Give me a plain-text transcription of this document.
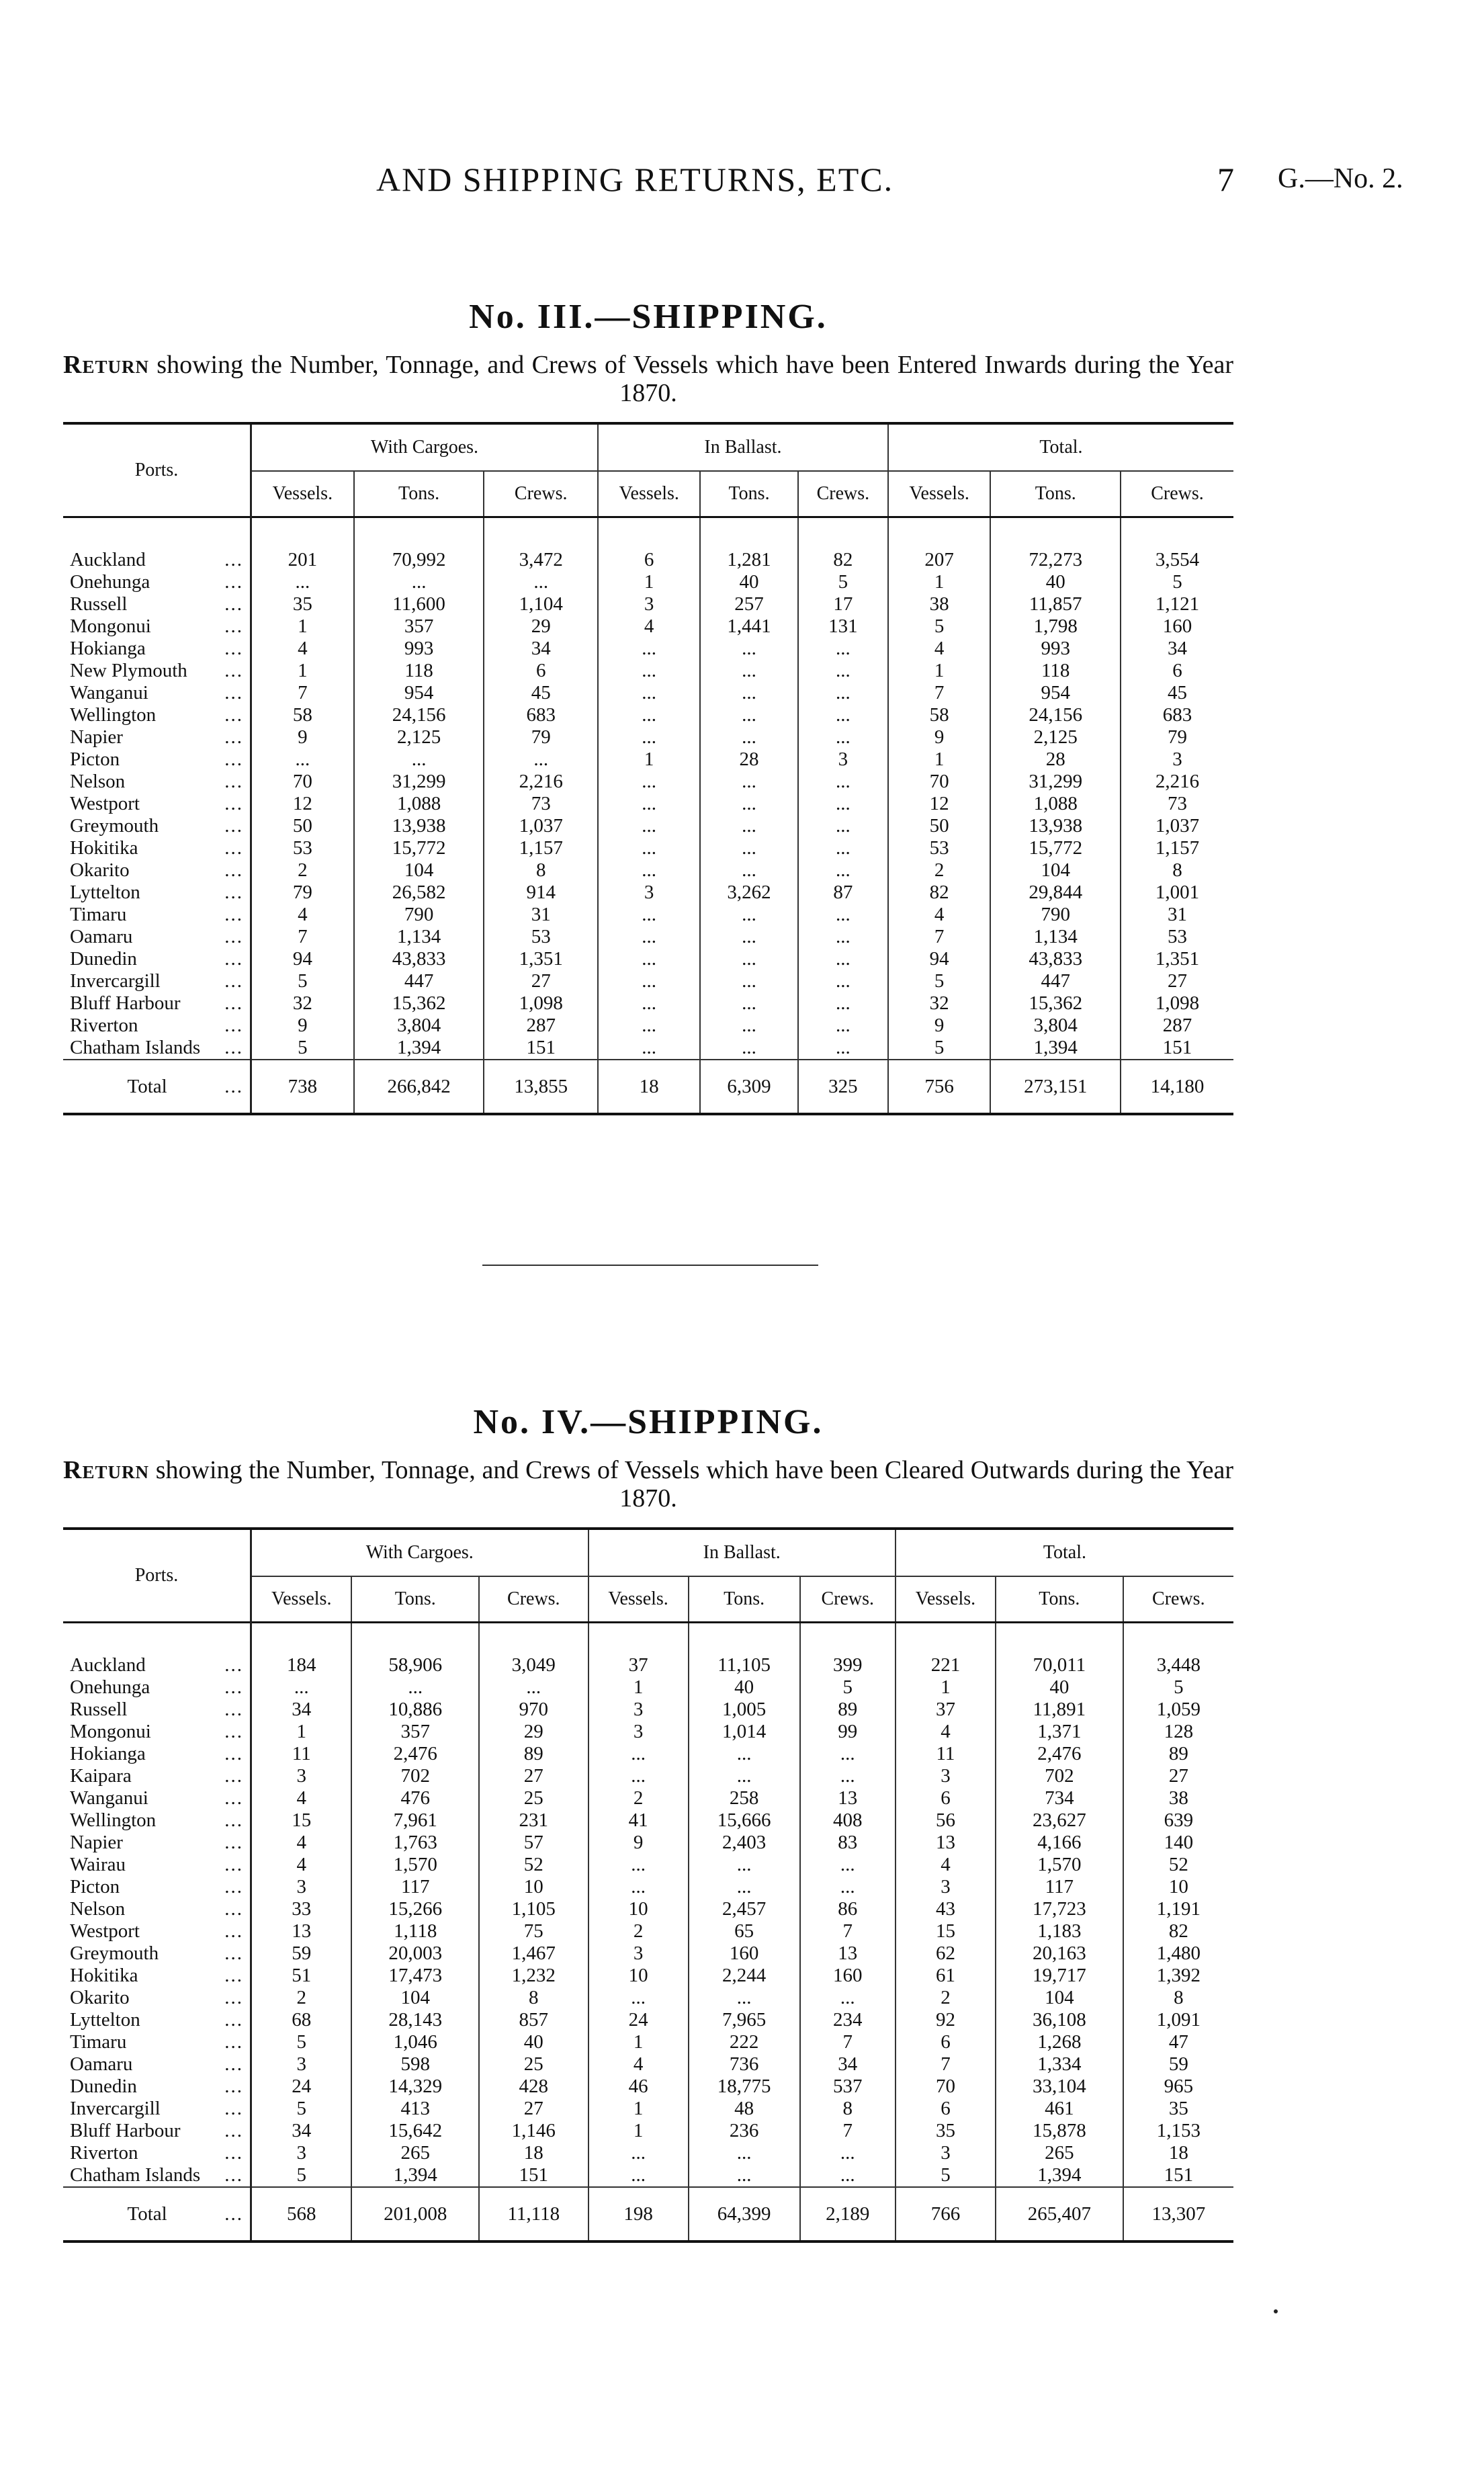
AND SHIPPING RETURNS, ETC.	7 G.—No. 2.
No. III.—SHIPPING.

Return showing the Number, Tonnage, and Crews of Vessels which have been Entered Inwards during the Year 1870.

Ports.	With Cargoes.			In Ballast.			Total.		
	Vessels.	Tons.	Crews.	Vessels.	Tons.	Crews.	Vessels.	Tons.	Crews.
Auckland ...	201	70,992	3,472	6	1,281	82	207	72,273	3,554
Onehunga ...	...	...	...	1	40	5	1	40	5
Russell ...	35	11,600	1,104	3	257	17	38	11,857	1,121
Mongonui ...	1	357	29	4	1,441	131	5	1,798	160
Hokianga ...	4	993	34	...	...	...	4	993	34
New Plymouth ...	1	118	6	...	...	...	1	118	6
Wanganui ...	7	954	45	...	...	...	7	954	45
Wellington ...	58	24,156	683	...	...	...	58	24,156	683
Napier ...	9	2,125	79	...	...	...	9	2,125	79
Picton ...	...	...	...	1	28	3	1	28	3
Nelson ...	70	31,299	2,216	...	...	...	70	31,299	2,216
Westport ...	12	1,088	73	...	...	...	12	1,088	73
Greymouth ...	50	13,938	1,037	...	...	...	50	13,938	1,037
Hokitika ...	53	15,772	1,157	...	...	...	53	15,772	1,157
Okarito ...	2	104	8	...	...	...	2	104	8
Lyttelton ...	79	26,582	914	3	3,262	87	82	29,844	1,001
Timaru ...	4	790	31	...	...	...	4	790	31
Oamaru ...	7	1,134	53	...	...	...	7	1,134	53
Dunedin ...	94	43,833	1,351	...	...	...	94	43,833	1,351
Invercargill ...	5	447	27	...	...	...	5	447	27
Bluff Harbour ...	32	15,362	1,098	...	...	...	32	15,362	1,098
Riverton ...	9	3,804	287	...	...	...	9	3,804	287
Chatham Islands ...	5	1,394	151	...	...	...	5	1,394	151
Total ...	738	266,842	13,855	18	6,309	325	756	273,151	14,180
No. IV.—SHIPPING.

Return showing the Number, Tonnage, and Crews of Vessels which have been Cleared Outwards during the Year 1870.

Ports.	With Cargoes.			In Ballast.			Total.		
	Vessels.	Tons.	Crews.	Vessels.	Tons.	Crews.	Vessels.	Tons.	Crews.
Auckland ...	184	58,906	3,049	37	11,105	399	221	70,011	3,448
Onehunga ...	...	...	...	1	40	5	1	40	5
Russell ...	34	10,886	970	3	1,005	89	37	11,891	1,059
Mongonui ...	1	357	29	3	1,014	99	4	1,371	128
Hokianga ...	11	2,476	89	...	...	...	11	2,476	89
Kaipara ...	3	702	27	...	...	...	3	702	27
Wanganui ...	4	476	25	2	258	13	6	734	38
Wellington ...	15	7,961	231	41	15,666	408	56	23,627	639
Napier ...	4	1,763	57	9	2,403	83	13	4,166	140
Wairau ...	4	1,570	52	...	...	...	4	1,570	52
Picton ...	3	117	10	...	...	...	3	117	10
Nelson ...	33	15,266	1,105	10	2,457	86	43	17,723	1,191
Westport ...	13	1,118	75	2	65	7	15	1,183	82
Greymouth ...	59	20,003	1,467	3	160	13	62	20,163	1,480
Hokitika ...	51	17,473	1,232	10	2,244	160	61	19,717	1,392
Okarito ...	2	104	8	...	...	...	2	104	8
Lyttelton ...	68	28,143	857	24	7,965	234	92	36,108	1,091
Timaru ...	5	1,046	40	1	222	7	6	1,268	47
Oamaru ...	3	598	25	4	736	34	7	1,334	59
Dunedin ...	24	14,329	428	46	18,775	537	70	33,104	965
Invercargill ...	5	413	27	1	48	8	6	461	35
Bluff Harbour ...	34	15,642	1,146	1	236	7	35	15,878	1,153
Riverton ...	3	265	18	...	...	...	3	265	18
Chatham Islands ...	5	1,394	151	...	...	...	5	1,394	151
Total ...	568	201,008	11,118	198	64,399	2,189	766	265,407	13,307
